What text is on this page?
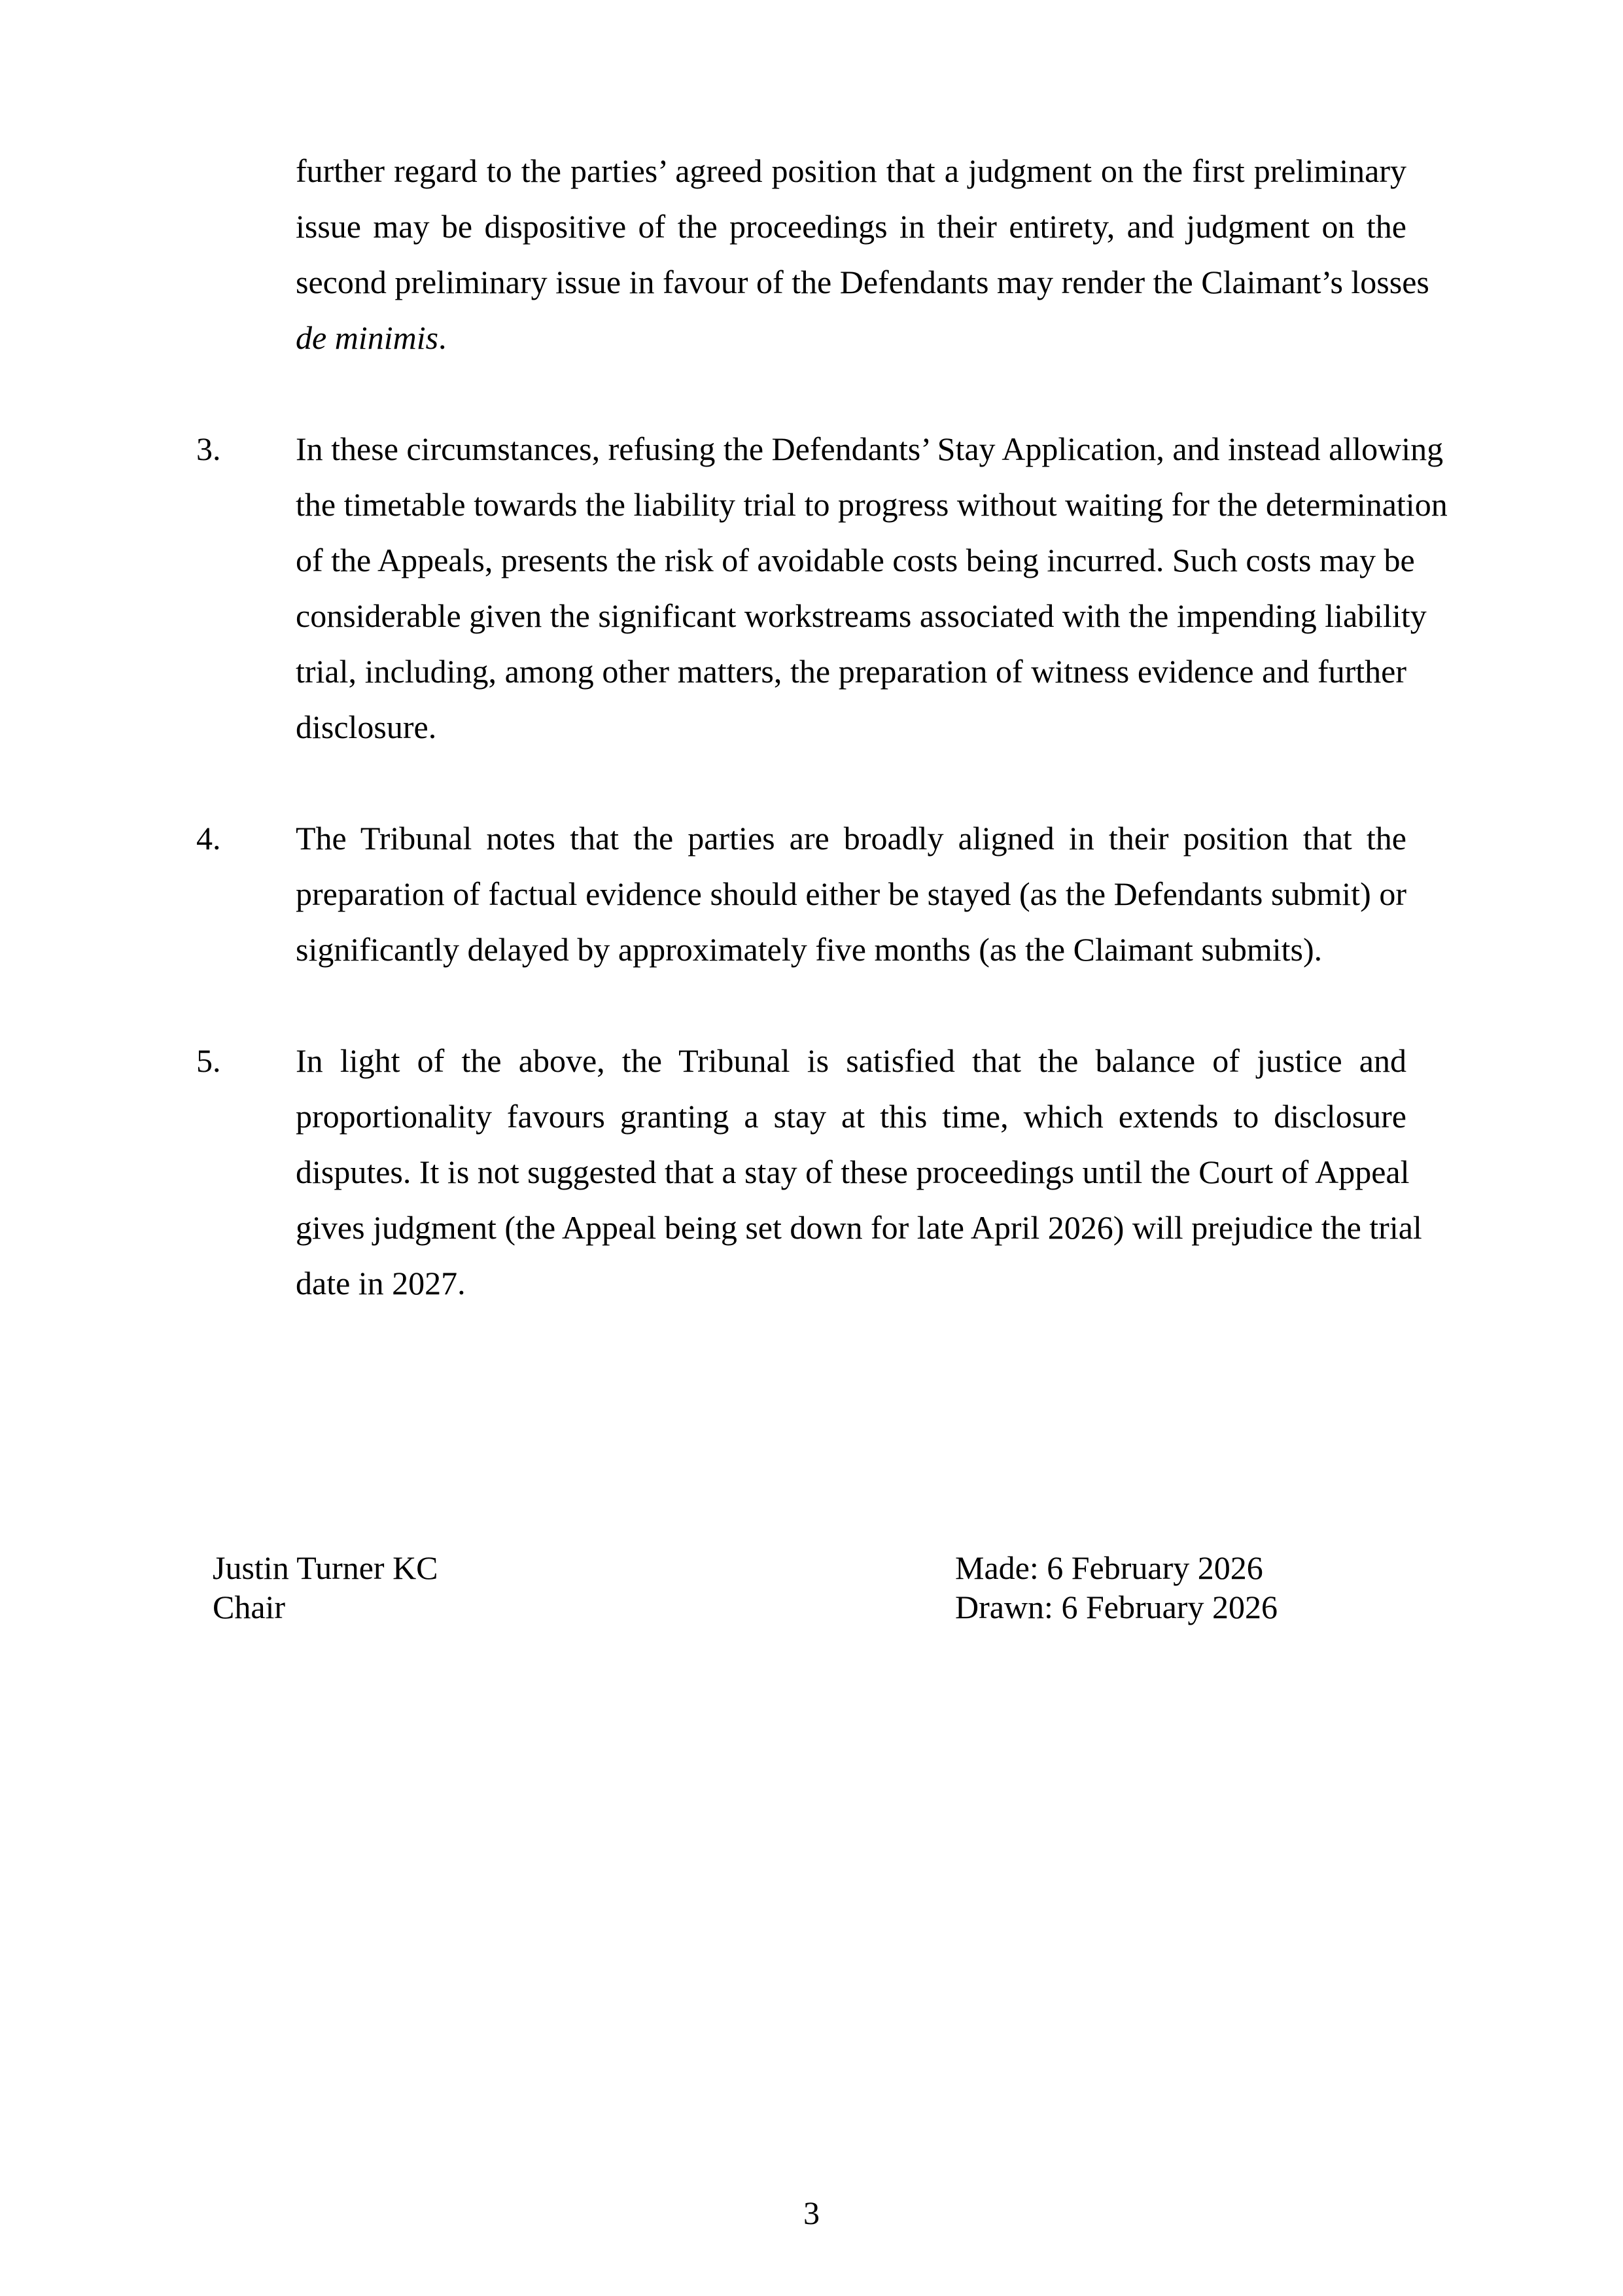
further regard to the parties’ agreed position that a judgment on the first preliminary
issue may be dispositive of the proceedings in their entirety, and judgment on the
second preliminary issue in favour of the Defendants may render the Claimant’s losses
de minimis.
3. In these circumstances, refusing the Defendants’ Stay Application, and instead allowing
the timetable towards the liability trial to progress without waiting for the determination
of the Appeals, presents the risk of avoidable costs being incurred. Such costs may be
considerable given the significant workstreams associated with the impending liability
trial, including, among other matters, the preparation of witness evidence and further
disclosure.
4. The Tribunal notes that the parties are broadly aligned in their position that the
preparation of factual evidence should either be stayed (as the Defendants submit) or
significantly delayed by approximately five months (as the Claimant submits).
5. In light of the above, the Tribunal is satisfied that the balance of justice and
proportionality favours granting a stay at this time, which extends to disclosure
disputes. It is not suggested that a stay of these proceedings until the Court of Appeal
gives judgment (the Appeal being set down for late April 2026) will prejudice the trial
date in 2027.
Justin Turner KC
Chair
Made: 6 February 2026
Drawn: 6 February 2026
3
